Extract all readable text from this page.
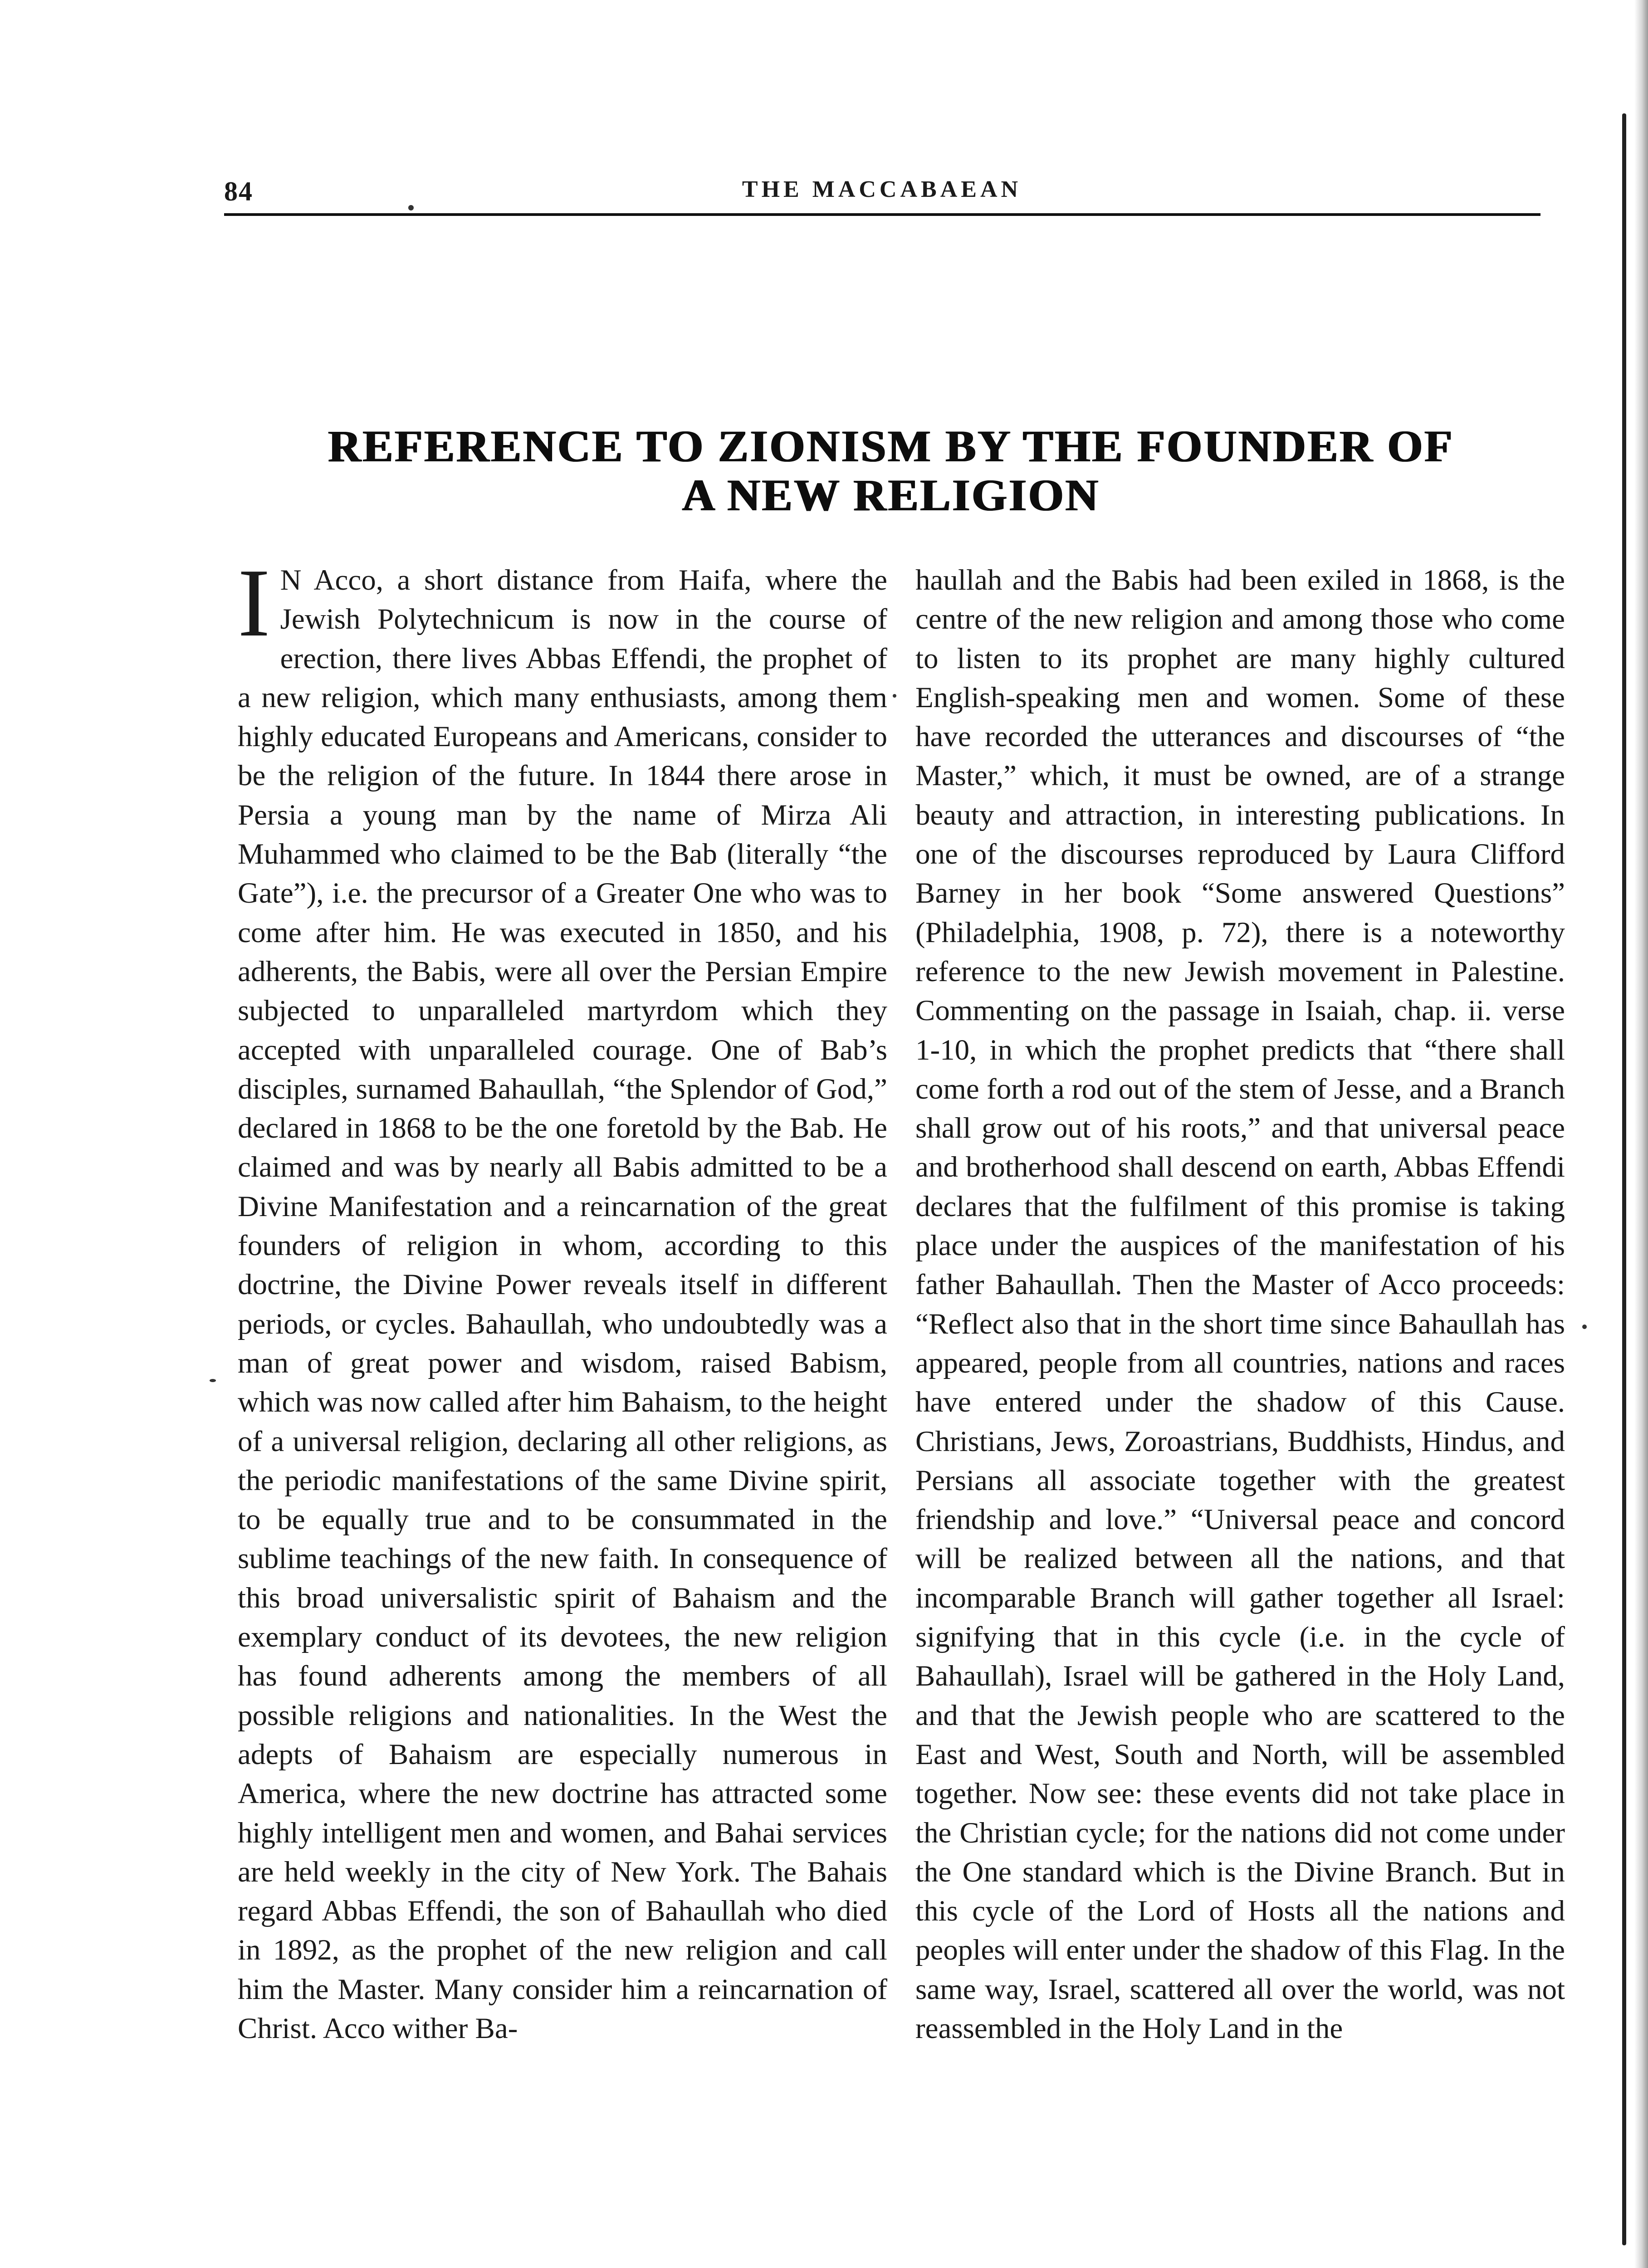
84	THE MACCABAEAN
REFERENCE TO ZIONISM BY THE FOUNDER OF
A NEW RELIGION

I N Acco, a short distance from Haifa, where the Jewish Polytechnicum is now in the course of erection, there lives Abbas Effendi, the prophet of a new religion, which many enthusiasts, among them highly educated Europeans and Americans, consider to be the religion of the future. In 1844 there arose in Persia a young man by the name of Mirza Ali Muhammed who claimed to be the Bab (literally “the Gate”), i.e. the precursor of a Greater One who was to come after him. He was executed in 1850, and his adherents, the Babis, were all over the Persian Empire subjected to unparalleled martyrdom which they accepted with unparalleled courage. One of Bab’s disciples, surnamed Bahaullah, “the Splendor of God,” declared in 1868 to be the one foretold by the Bab. He claimed and was by nearly all Babis admitted to be a Divine Manifestation and a reincarnation of the great founders of religion in whom, according to this doctrine, the Divine Power reveals itself in different periods, or cycles. Bahaullah, who undoubtedly was a man of great power and wisdom, raised Babism, which was now called after him Bahaism, to the height of a universal religion, declaring all other religions, as the periodic manifestations of the same Divine spirit, to be equally true and to be consummated in the sublime teachings of the new faith. In consequence of this broad universalistic spirit of Bahaism and the exemplary conduct of its devotees, the new religion has found adherents among the members of all possible religions and nationalities. In the West the adepts of Bahaism are especially numerous in America, where the new doctrine has attracted some highly intelligent men and women, and Bahai services are held weekly in the city of New York. The Bahais regard Abbas Effendi, the son of Bahaullah who died in 1892, as the prophet of the new religion and call him the Master. Many consider him a reincarnation of Christ. Acco wither Ba-

haullah and the Babis had been exiled in 1868, is the centre of the new religion and among those who come to listen to its prophet are many highly cultured English-speaking men and women. Some of these have recorded the utterances and discourses of “the Master,” which, it must be owned, are of a strange beauty and attraction, in interesting publications. In one of the discourses reproduced by Laura Clifford Barney in her book “Some answered Questions” (Philadelphia, 1908, p. 72), there is a noteworthy reference to the new Jewish movement in Palestine. Commenting on the passage in Isaiah, chap. ii. verse 1-10, in which the prophet predicts that “there shall come forth a rod out of the stem of Jesse, and a Branch shall grow out of his roots,” and that universal peace and brotherhood shall descend on earth, Abbas Effendi declares that the fulfilment of this promise is taking place under the auspices of the manifestation of his father Bahaullah. Then the Master of Acco proceeds: “Reflect also that in the short time since Bahaullah has appeared, people from all countries, nations and races have entered under the shadow of this Cause. Christians, Jews, Zoroastrians, Buddhists, Hindus, and Persians all associate together with the greatest friendship and love.” “Universal peace and concord will be realized between all the nations, and that incomparable Branch will gather together all Israel: signifying that in this cycle (i.e. in the cycle of Bahaullah), Israel will be gathered in the Holy Land, and that the Jewish people who are scattered to the East and West, South and North, will be assembled together. Now see: these events did not take place in the Christian cycle; for the nations did not come under the One standard which is the Divine Branch. But in this cycle of the Lord of Hosts all the nations and peoples will enter under the shadow of this Flag. In the same way, Israel, scattered all over the world, was not reassembled in the Holy Land in the
